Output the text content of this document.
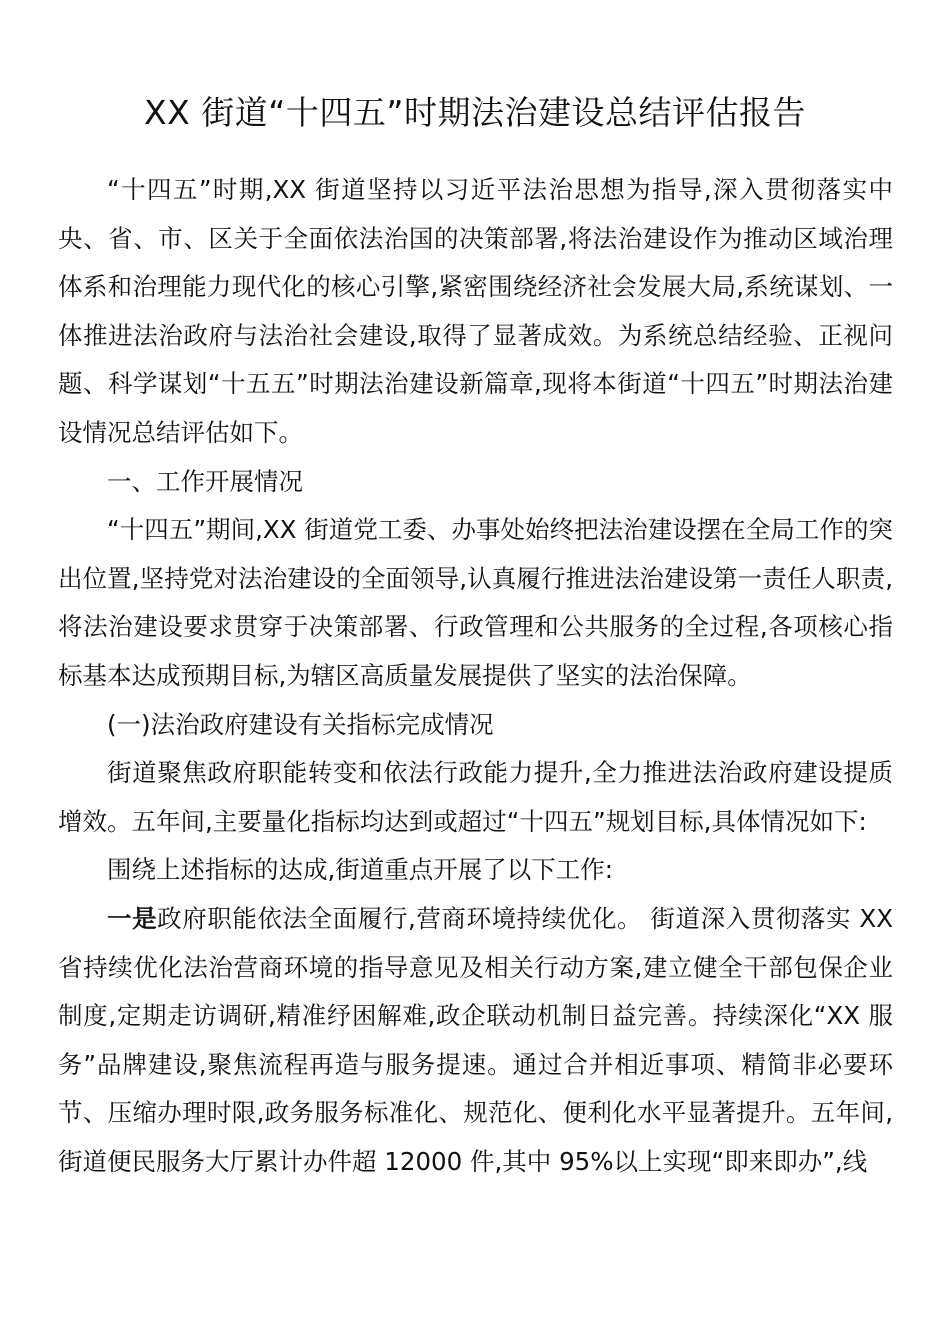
XX 街道“十四五”时期法治建设总结评估报告

“十四五”时期,XX 街道坚持以习近平法治思想为指导,深入贯彻落实中央、省、市、区关于全面依法治国的决策部署,将法治建设作为推动区域治理体系和治理能力现代化的核心引擎,紧密围绕经济社会发展大局,系统谋划、一体推进法治政府与法治社会建设,取得了显著成效。为系统总结经验、正视问题、科学谋划“十五五”时期法治建设新篇章,现将本街道“十四五”时期法治建设情况总结评估如下。

一、工作开展情况

“十四五”期间,XX 街道党工委、办事处始终把法治建设摆在全局工作的突出位置,坚持党对法治建设的全面领导,认真履行推进法治建设第一责任人职责,将法治建设要求贯穿于决策部署、行政管理和公共服务的全过程,各项核心指标基本达成预期目标,为辖区高质量发展提供了坚实的法治保障。

(一)法治政府建设有关指标完成情况

街道聚焦政府职能转变和依法行政能力提升,全力推进法治政府建设提质增效。五年间,主要量化指标均达到或超过“十四五”规划目标,具体情况如下:

围绕上述指标的达成,街道重点开展了以下工作:

一是政府职能依法全面履行,营商环境持续优化。 街道深入贯彻落实 XX 省持续优化法治营商环境的指导意见及相关行动方案,建立健全干部包保企业制度,定期走访调研,精准纾困解难,政企联动机制日益完善。持续深化“XX 服务”品牌建设,聚焦流程再造与服务提速。通过合并相近事项、精简非必要环节、压缩办理时限,政务服务标准化、规范化、便利化水平显著提升。五年间,街道便民服务大厅累计办件超 12000 件,其中 95%以上实现“即来即办”,线
